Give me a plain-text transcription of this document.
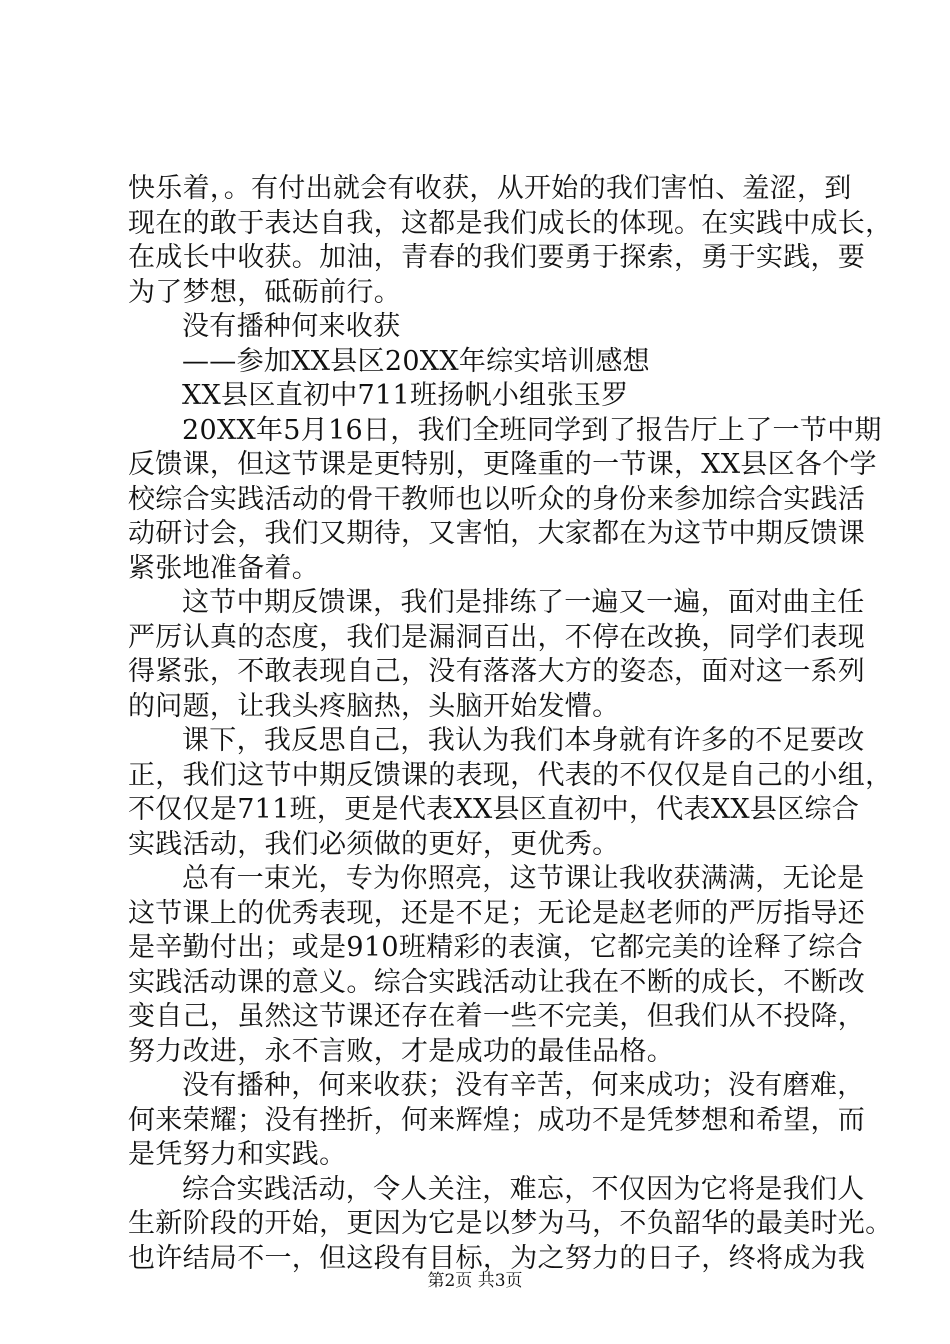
快乐着，。有付出就会有收获，从开始的我们害怕、羞涩，到
现在的敢于表达自我，这都是我们成长的体现。在实践中成长，
在成长中收获。加油，青春的我们要勇于探索，勇于实践，要
为了梦想，砥砺前行。
没有播种何来收获
——参加XX县区20XX年综实培训感想
XX县区直初中711班扬帆小组张玉罗
20XX年5月16日，我们全班同学到了报告厅上了一节中期
反馈课，但这节课是更特别，更隆重的一节课，XX县区各个学
校综合实践活动的骨干教师也以听众的身份来参加综合实践活
动研讨会，我们又期待，又害怕，大家都在为这节中期反馈课
紧张地准备着。
这节中期反馈课，我们是排练了一遍又一遍，面对曲主任
严厉认真的态度，我们是漏洞百出，不停在改换，同学们表现
得紧张，不敢表现自己，没有落落大方的姿态，面对这一系列
的问题，让我头疼脑热，头脑开始发懵。
课下，我反思自己，我认为我们本身就有许多的不足要改
正，我们这节中期反馈课的表现，代表的不仅仅是自己的小组，
不仅仅是711班，更是代表XX县区直初中，代表XX县区综合
实践活动，我们必须做的更好，更优秀。
总有一束光，专为你照亮，这节课让我收获满满，无论是
这节课上的优秀表现，还是不足；无论是赵老师的严厉指导还
是辛勤付出；或是910班精彩的表演，它都完美的诠释了综合
实践活动课的意义。综合实践活动让我在不断的成长，不断改
变自己，虽然这节课还存在着一些不完美，但我们从不投降，
努力改进，永不言败，才是成功的最佳品格。
没有播种，何来收获；没有辛苦，何来成功；没有磨难，
何来荣耀；没有挫折，何来辉煌；成功不是凭梦想和希望，而
是凭努力和实践。
综合实践活动，令人关注，难忘，不仅因为它将是我们人
生新阶段的开始，更因为它是以梦为马，不负韶华的最美时光。
也许结局不一，但这段有目标，为之努力的日子，终将成为我
第2页 共3页
